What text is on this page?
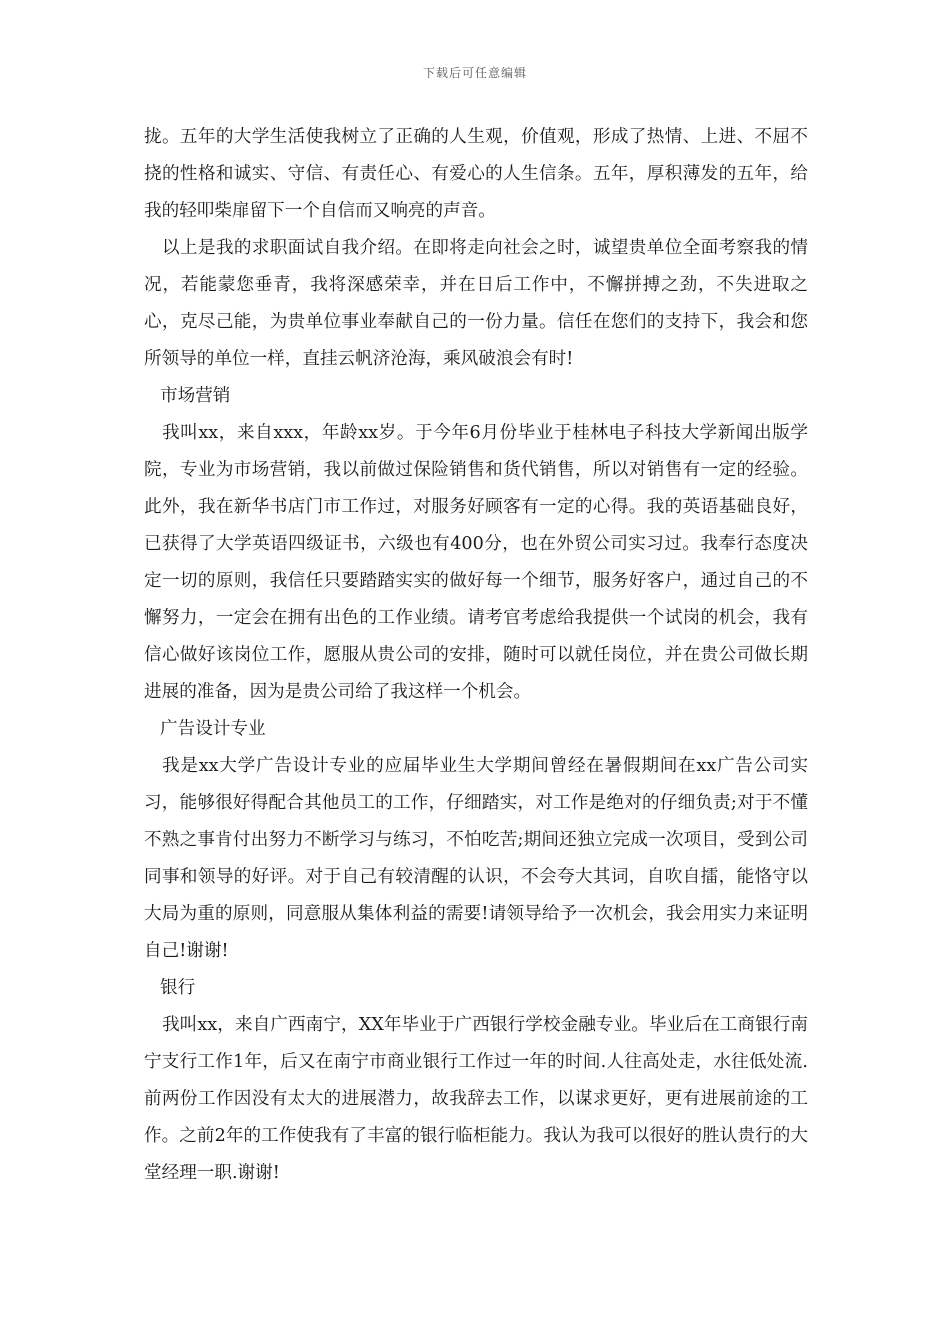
下载后可任意编辑

拢。五年的大学生活使我树立了正确的人生观，价值观，形成了热情、上进、不屈不挠的性格和诚实、守信、有责任心、有爱心的人生信条。五年，厚积薄发的五年，给我的轻叩柴扉留下一个自信而又响亮的声音。

以上是我的求职面试自我介绍。在即将走向社会之时，诚望贵单位全面考察我的情况，若能蒙您垂青，我将深感荣幸，并在日后工作中，不懈拼搏之劲，不失进取之心，克尽己能，为贵单位事业奉献自己的一份力量。信任在您们的支持下，我会和您所领导的单位一样，直挂云帆济沧海，乘风破浪会有时!

市场营销

我叫xx，来自xxx，年龄xx岁。于今年6月份毕业于桂林电子科技大学新闻出版学院，专业为市场营销，我以前做过保险销售和货代销售，所以对销售有一定的经验。此外，我在新华书店门市工作过，对服务好顾客有一定的心得。我的英语基础良好，已获得了大学英语四级证书，六级也有400分，也在外贸公司实习过。我奉行态度决定一切的原则，我信任只要踏踏实实的做好每一个细节，服务好客户，通过自己的不懈努力，一定会在拥有出色的工作业绩。请考官考虑给我提供一个试岗的机会，我有信心做好该岗位工作，愿服从贵公司的安排，随时可以就任岗位，并在贵公司做长期进展的准备，因为是贵公司给了我这样一个机会。

广告设计专业

我是xx大学广告设计专业的应届毕业生大学期间曾经在暑假期间在xx广告公司实习，能够很好得配合其他员工的工作，仔细踏实，对工作是绝对的仔细负责;对于不懂不熟之事肯付出努力不断学习与练习，不怕吃苦;期间还独立完成一次项目，受到公司同事和领导的好评。对于自己有较清醒的认识，不会夸大其词，自吹自擂，能恪守以大局为重的原则，同意服从集体利益的需要!请领导给予一次机会，我会用实力来证明自己!谢谢!

银行

我叫xx，来自广西南宁，XX年毕业于广西银行学校金融专业。毕业后在工商银行南宁支行工作1年，后又在南宁市商业银行工作过一年的时间.人往高处走，水往低处流.前两份工作因没有太大的进展潜力，故我辞去工作，以谋求更好，更有进展前途的工作。之前2年的工作使我有了丰富的银行临柜能力。我认为我可以很好的胜认贵行的大堂经理一职.谢谢!
